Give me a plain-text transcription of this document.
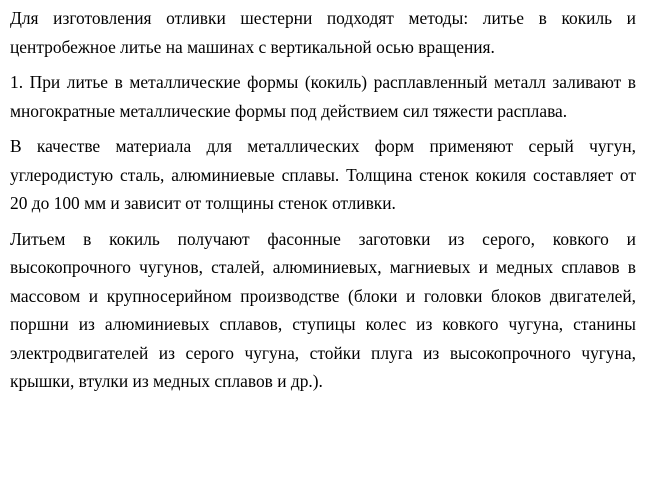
Для изготовления отливки шестерни подходят методы: литье в кокиль и центробежное литье на машинах с вертикальной осью вращения.

1. При литье в металлические формы (кокиль) расплавленный металл заливают в многократные металлические формы под действием сил тяжести расплава.

В качестве материала для металлических форм применяют серый чугун, углеродистую сталь, алюминиевые сплавы. Толщина стенок кокиля составляет от 20 до 100 мм и зависит от толщины стенок отливки.

Литьем в кокиль получают фасонные заготовки из серого, ковкого и высокопрочного чугунов, сталей, алюминиевых, магниевых и медных сплавов в массовом и крупносерийном производстве (блоки и головки блоков двигателей, поршни из алюминиевых сплавов, ступицы колес из ковкого чугуна, станины электродвигателей из серого чугуна, стойки плуга из высокопрочного чугуна, крышки, втулки из медных сплавов и др.).
